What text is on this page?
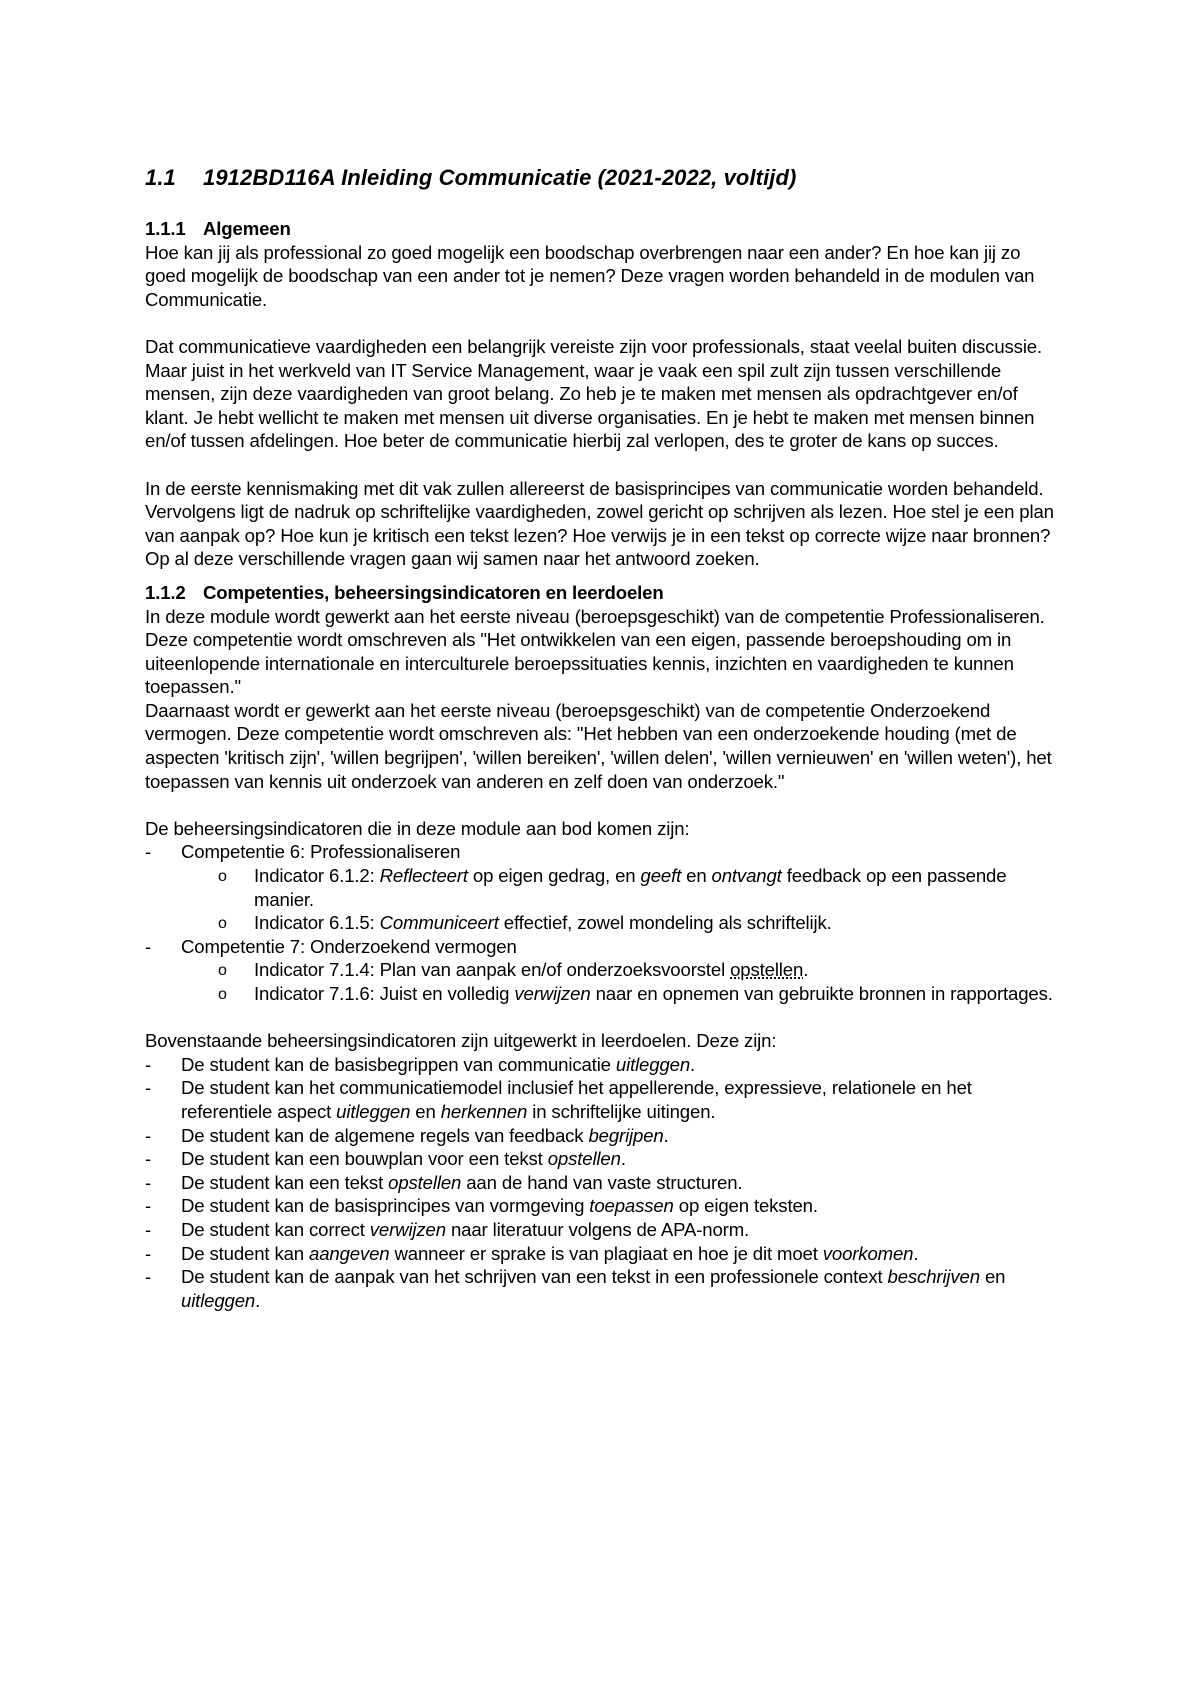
1.1 1912BD116A Inleiding Communicatie (2021-2022, voltijd)
1.1.1 Algemeen

Hoe kan jij als professional zo goed mogelijk een boodschap overbrengen naar een ander? En hoe kan jij zo goed mogelijk de boodschap van een ander tot je nemen? Deze vragen worden behandeld in de modulen van Communicatie.

Dat communicatieve vaardigheden een belangrijk vereiste zijn voor professionals, staat veelal buiten discussie. Maar juist in het werkveld van IT Service Management, waar je vaak een spil zult zijn tussen verschillende mensen, zijn deze vaardigheden van groot belang. Zo heb je te maken met mensen als opdrachtgever en/of klant. Je hebt wellicht te maken met mensen uit diverse organisaties. En je hebt te maken met mensen binnen en/of tussen afdelingen. Hoe beter de communicatie hierbij zal verlopen, des te groter de kans op succes.

In de eerste kennismaking met dit vak zullen allereerst de basisprincipes van communicatie worden behandeld. Vervolgens ligt de nadruk op schriftelijke vaardigheden, zowel gericht op schrijven als lezen. Hoe stel je een plan van aanpak op? Hoe kun je kritisch een tekst lezen? Hoe verwijs je in een tekst op correcte wijze naar bronnen? Op al deze verschillende vragen gaan wij samen naar het antwoord zoeken.

1.1.2 Competenties, beheersingsindicatoren en leerdoelen

In deze module wordt gewerkt aan het eerste niveau (beroepsgeschikt) van de competentie Professionaliseren. Deze competentie wordt omschreven als "Het ontwikkelen van een eigen, passende beroepshouding om in uiteenlopende internationale en interculturele beroepssituaties kennis, inzichten en vaardigheden te kunnen toepassen."

Daarnaast wordt er gewerkt aan het eerste niveau (beroepsgeschikt) van de competentie Onderzoekend vermogen. Deze competentie wordt omschreven als: "Het hebben van een onderzoekende houding (met de aspecten 'kritisch zijn', 'willen begrijpen', 'willen bereiken', 'willen delen', 'willen vernieuwen' en 'willen weten'), het toepassen van kennis uit onderzoek van anderen en zelf doen van onderzoek."

De beheersingsindicatoren die in deze module aan bod komen zijn:

- Competentie 6: Professionaliseren
o Indicator 6.1.2: Reflecteert op eigen gedrag, en geeft en ontvangt feedback op een passende manier.
o Indicator 6.1.5: Communiceert effectief, zowel mondeling als schriftelijk.
- Competentie 7: Onderzoekend vermogen
o Indicator 7.1.4: Plan van aanpak en/of onderzoeksvoorstel opstellen.
o Indicator 7.1.6: Juist en volledig verwijzen naar en opnemen van gebruikte bronnen in rapportages.

Bovenstaande beheersingsindicatoren zijn uitgewerkt in leerdoelen. Deze zijn:

- De student kan de basisbegrippen van communicatie uitleggen.
- De student kan het communicatiemodel inclusief het appellerende, expressieve, relationele en het referentiele aspect uitleggen en herkennen in schriftelijke uitingen.
- De student kan de algemene regels van feedback begrijpen.
- De student kan een bouwplan voor een tekst opstellen.
- De student kan een tekst opstellen aan de hand van vaste structuren.
- De student kan de basisprincipes van vormgeving toepassen op eigen teksten.
- De student kan correct verwijzen naar literatuur volgens de APA-norm.
- De student kan aangeven wanneer er sprake is van plagiaat en hoe je dit moet voorkomen.
- De student kan de aanpak van het schrijven van een tekst in een professionele context beschrijven en uitleggen.
